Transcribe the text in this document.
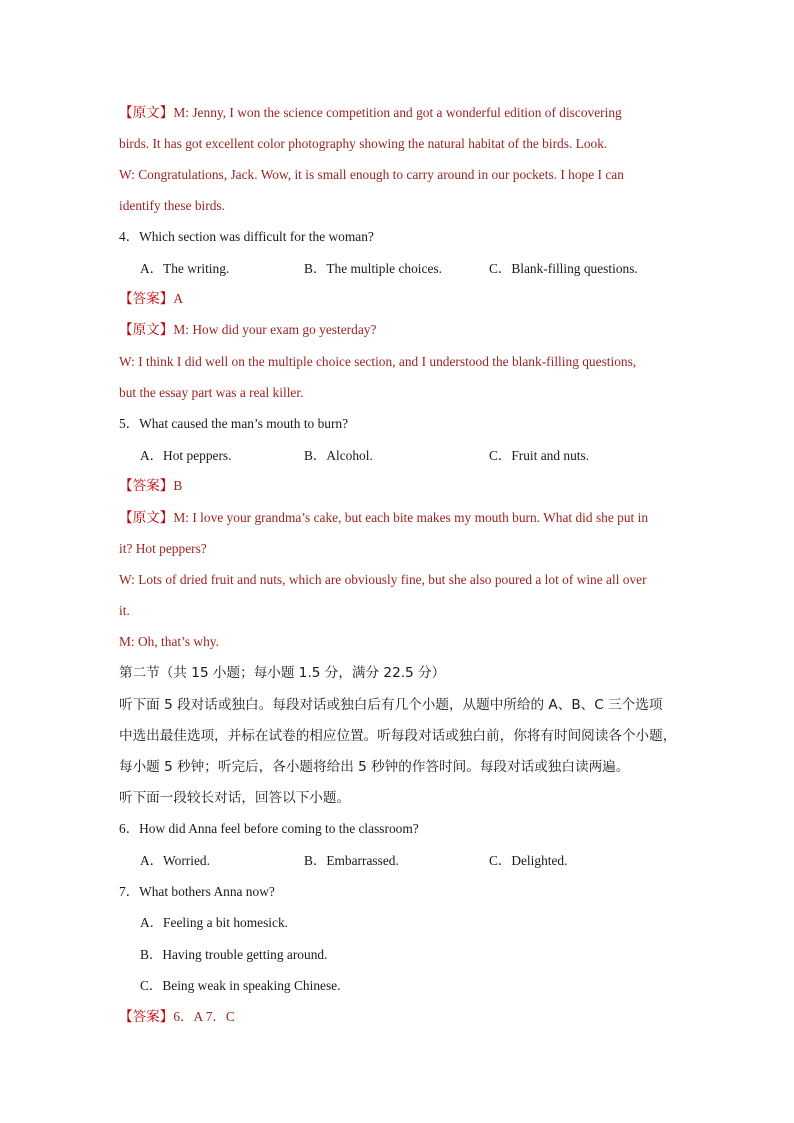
【原文】M: Jenny, I won the science competition and got a wonderful edition of discovering
birds. It has got excellent color photography showing the natural habitat of the birds. Look.
W: Congratulations, Jack. Wow, it is small enough to carry around in our pockets. I hope I can
identify these birds.
4．Which section was difficult for the woman?
A．The writing.	B．The multiple choices.	C．Blank-filling questions.
【答案】A
【原文】M: How did your exam go yesterday?
W: I think I did well on the multiple choice section, and I understood the blank-filling questions,
but the essay part was a real killer.
5．What caused the man’s mouth to burn?
A．Hot peppers.	B．Alcohol.	C．Fruit and nuts.
【答案】B
【原文】M: I love your grandma’s cake, but each bite makes my mouth burn. What did she put in
it? Hot peppers?
W: Lots of dried fruit and nuts, which are obviously fine, but she also poured a lot of wine all over
it.
M: Oh, that’s why.
第二节（共 15 小题；每小题 1.5 分，满分 22.5 分）
听下面 5 段对话或独白。每段对话或独白后有几个小题，从题中所给的 A、B、C 三个选项
中选出最佳选项，并标在试卷的相应位置。听每段对话或独白前，你将有时间阅读各个小题，
每小题 5 秒钟；听完后，各小题将给出 5 秒钟的作答时间。每段对话或独白读两遍。
听下面一段较长对话，回答以下小题。
6．How did Anna feel before coming to the classroom?
A．Worried.	B．Embarrassed.	C．Delighted.
7．What bothers Anna now?
A．Feeling a bit homesick.
B．Having trouble getting around.
C．Being weak in speaking Chinese.
【答案】6．A 7．C
